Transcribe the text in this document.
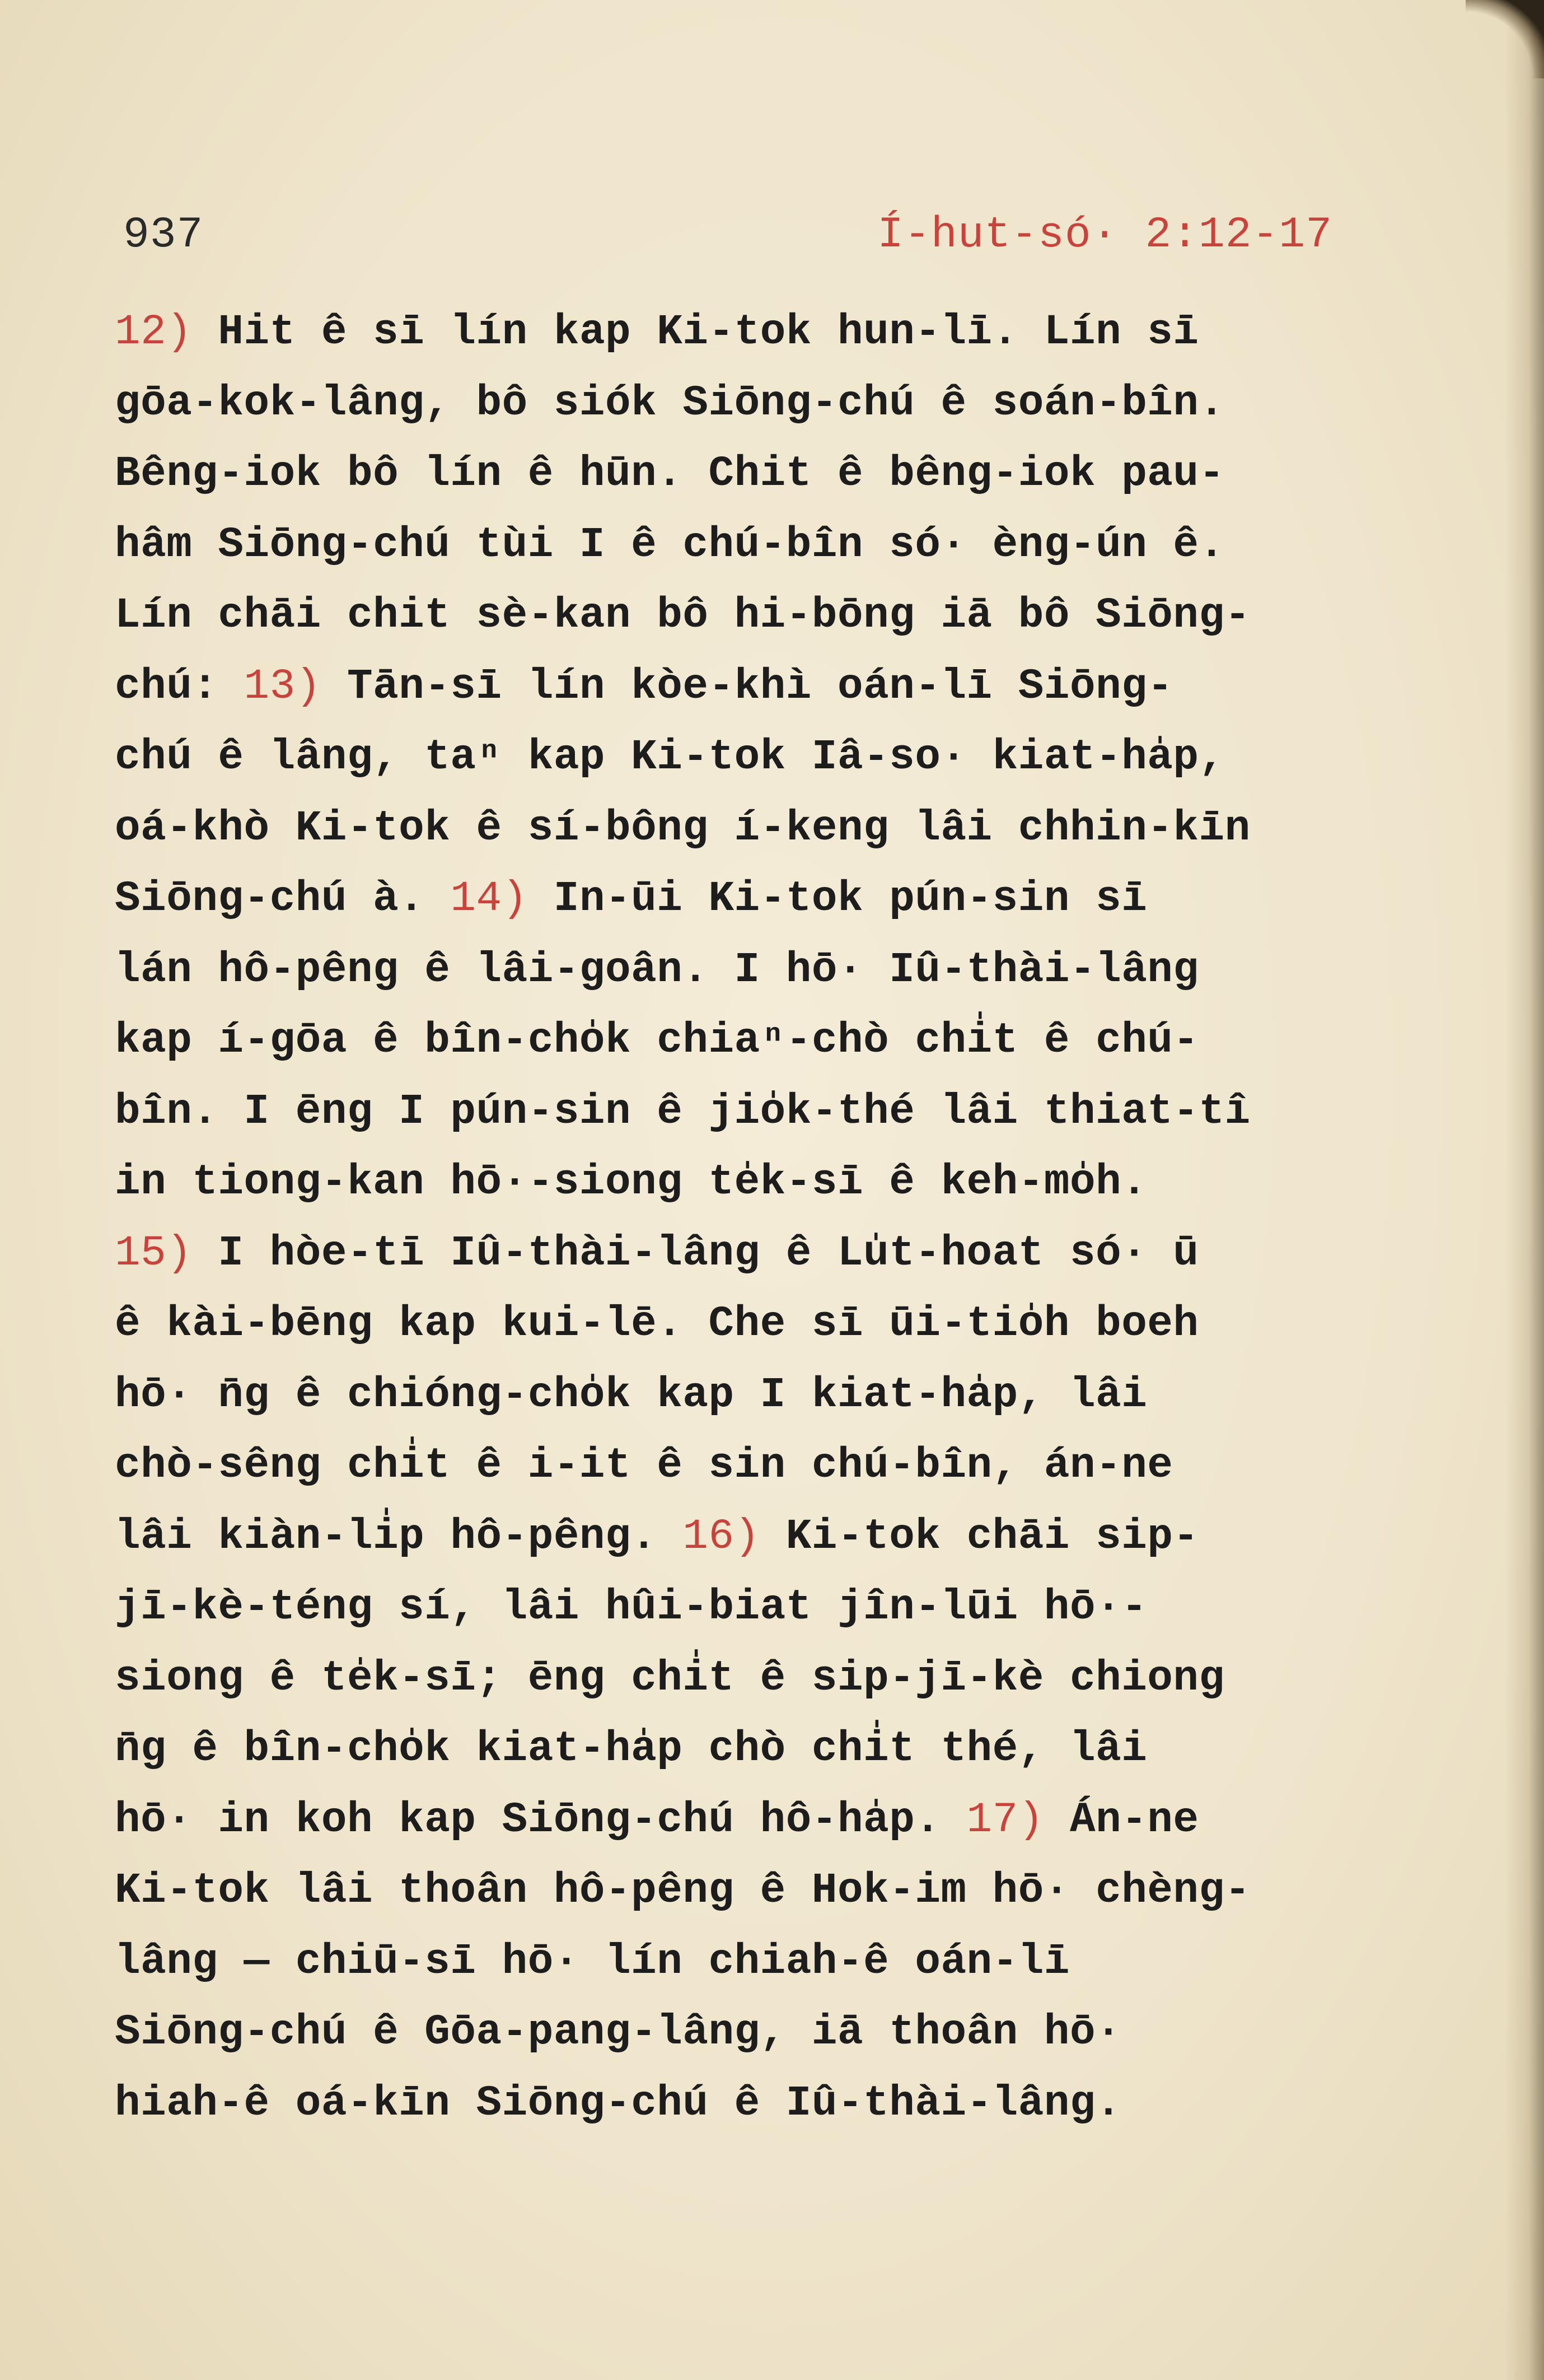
937	Í-hut-só· 2:12-17
12) Hit ê sī lín kap Ki-tok hun-lī. Lín sī
gōa-kok-lâng, bô siók Siōng-chú ê soán-bîn.
Bêng-iok bô lín ê hūn. Chit ê bêng-iok pau-
hâm Siōng-chú tùi I ê chú-bîn só· èng-ún ê.
Lín chāi chit sè-kan bô hi-bōng iā bô Siōng-
chú: 13) Tān-sī lín kòe-khì oán-lī Siōng-
chú ê lâng, taⁿ kap Ki-tok Iâ-so· kiat-ha̍p,
oá-khò Ki-tok ê sí-bông í-keng lâi chhin-kīn
Siōng-chú à. 14) In-ūi Ki-tok pún-sin sī
lán hô-pêng ê lâi-goân. I hō· Iû-thài-lâng
kap í-gōa ê bîn-cho̍k chiaⁿ-chò chi̍t ê chú-
bîn. I ēng I pún-sin ê jio̍k-thé lâi thiat-tî
in tiong-kan hō·-siong te̍k-sī ê keh-mo̍h.
15) I hòe-tī Iû-thài-lâng ê Lu̍t-hoat só· ū
ê kài-bēng kap kui-lē. Che sī ūi-tio̍h boeh
hō· n̄g ê chióng-cho̍k kap I kiat-ha̍p, lâi
chò-sêng chi̍t ê i-it ê sin chú-bîn, án-ne
lâi kiàn-li̍p hô-pêng. 16) Ki-tok chāi sip-
jī-kè-téng sí, lâi hûi-biat jîn-lūi hō·-
siong ê te̍k-sī; ēng chi̍t ê sip-jī-kè chiong
n̄g ê bîn-cho̍k kiat-ha̍p chò chi̍t thé, lâi
hō· in koh kap Siōng-chú hô-ha̍p. 17) Án-ne
Ki-tok lâi thoân hô-pêng ê Hok-im hō· chèng-
lâng — chiū-sī hō· lín chiah-ê oán-lī
Siōng-chú ê Gōa-pang-lâng, iā thoân hō·
hiah-ê oá-kīn Siōng-chú ê Iû-thài-lâng.
